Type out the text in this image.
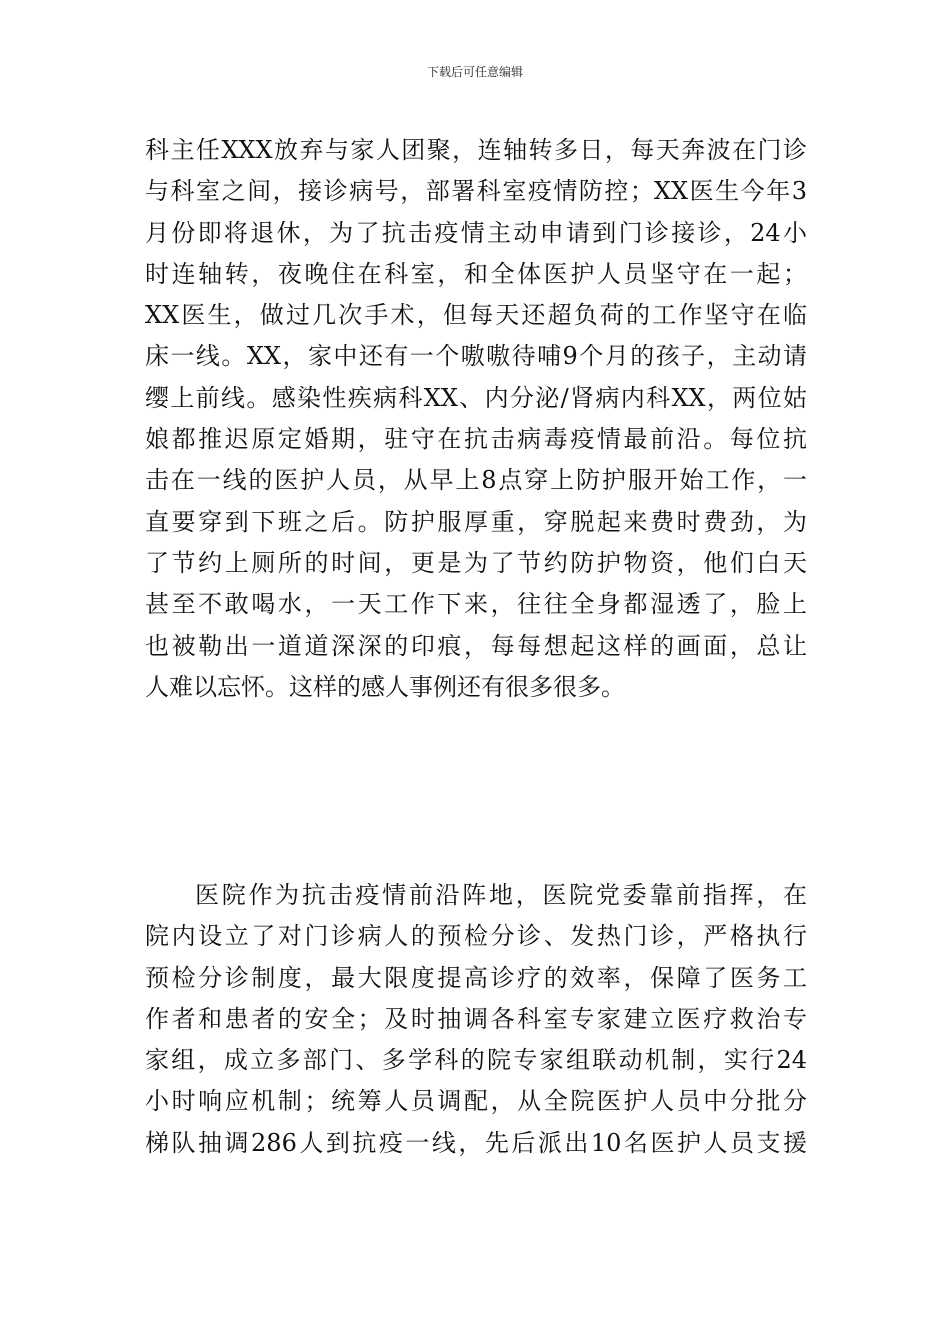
下载后可任意编辑
科主任XXX放弃与家人团聚，连轴转多日，每天奔波在门诊
与科室之间，接诊病号，部署科室疫情防控；XX医生今年3
月份即将退休，为了抗击疫情主动申请到门诊接诊，24小
时连轴转，夜晚住在科室，和全体医护人员坚守在一起；
XX医生，做过几次手术，但每天还超负荷的工作坚守在临
床一线。XX，家中还有一个嗷嗷待哺9个月的孩子，主动请
缨上前线。感染性疾病科XX、内分泌/肾病内科XX，两位姑
娘都推迟原定婚期，驻守在抗击病毒疫情最前沿。每位抗
击在一线的医护人员，从早上8点穿上防护服开始工作，一
直要穿到下班之后。防护服厚重，穿脱起来费时费劲，为
了节约上厕所的时间，更是为了节约防护物资，他们白天
甚至不敢喝水，一天工作下来，往往全身都湿透了，脸上
也被勒出一道道深深的印痕，每每想起这样的画面，总让
人难以忘怀。这样的感人事例还有很多很多。
医院作为抗击疫情前沿阵地，医院党委靠前指挥，在
院内设立了对门诊病人的预检分诊、发热门诊，严格执行
预检分诊制度，最大限度提高诊疗的效率，保障了医务工
作者和患者的安全；及时抽调各科室专家建立医疗救治专
家组，成立多部门、多学科的院专家组联动机制，实行24
小时响应机制；统筹人员调配，从全院医护人员中分批分
梯队抽调286人到抗疫一线，先后派出10名医护人员支援
